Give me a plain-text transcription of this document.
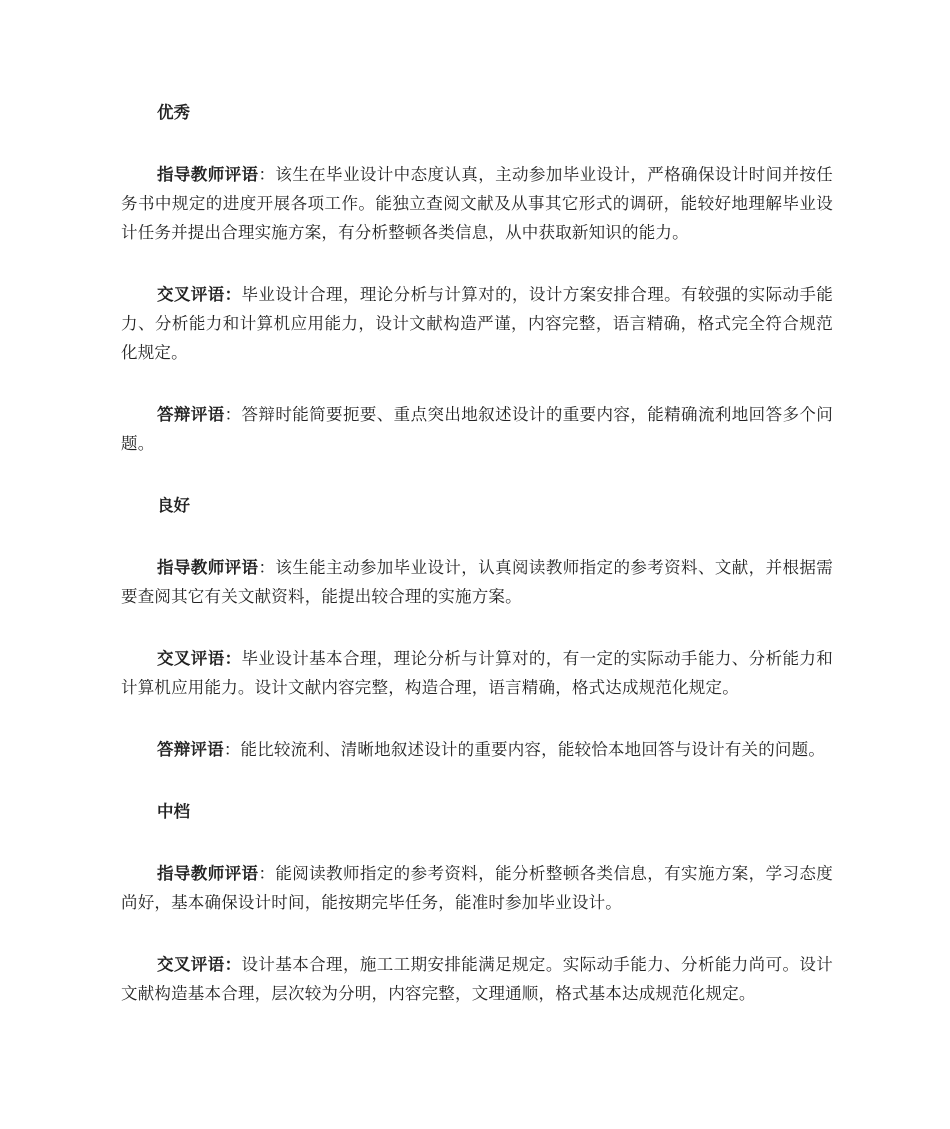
优秀

指导教师评语：该生在毕业设计中态度认真，主动参加毕业设计，严格确保设计时间并按任务书中规定的进度开展各项工作。能独立查阅文献及从事其它形式的调研，能较好地理解毕业设计任务并提出合理实施方案，有分析整顿各类信息，从中获取新知识的能力。

交叉评语：毕业设计合理，理论分析与计算对的，设计方案安排合理。有较强的实际动手能力、分析能力和计算机应用能力，设计文献构造严谨，内容完整，语言精确，格式完全符合规范化规定。

答辩评语：答辩时能简要扼要、重点突出地叙述设计的重要内容，能精确流利地回答多个问题。

良好

指导教师评语：该生能主动参加毕业设计，认真阅读教师指定的参考资料、文献，并根据需要查阅其它有关文献资料，能提出较合理的实施方案。

交叉评语：毕业设计基本合理，理论分析与计算对的，有一定的实际动手能力、分析能力和计算机应用能力。设计文献内容完整，构造合理，语言精确，格式达成规范化规定。

答辩评语：能比较流利、清晰地叙述设计的重要内容，能较恰本地回答与设计有关的问题。

中档

指导教师评语：能阅读教师指定的参考资料，能分析整顿各类信息，有实施方案，学习态度尚好，基本确保设计时间，能按期完毕任务，能准时参加毕业设计。

交叉评语：设计基本合理，施工工期安排能满足规定。实际动手能力、分析能力尚可。设计文献构造基本合理，层次较为分明，内容完整，文理通顺，格式基本达成规范化规定。
